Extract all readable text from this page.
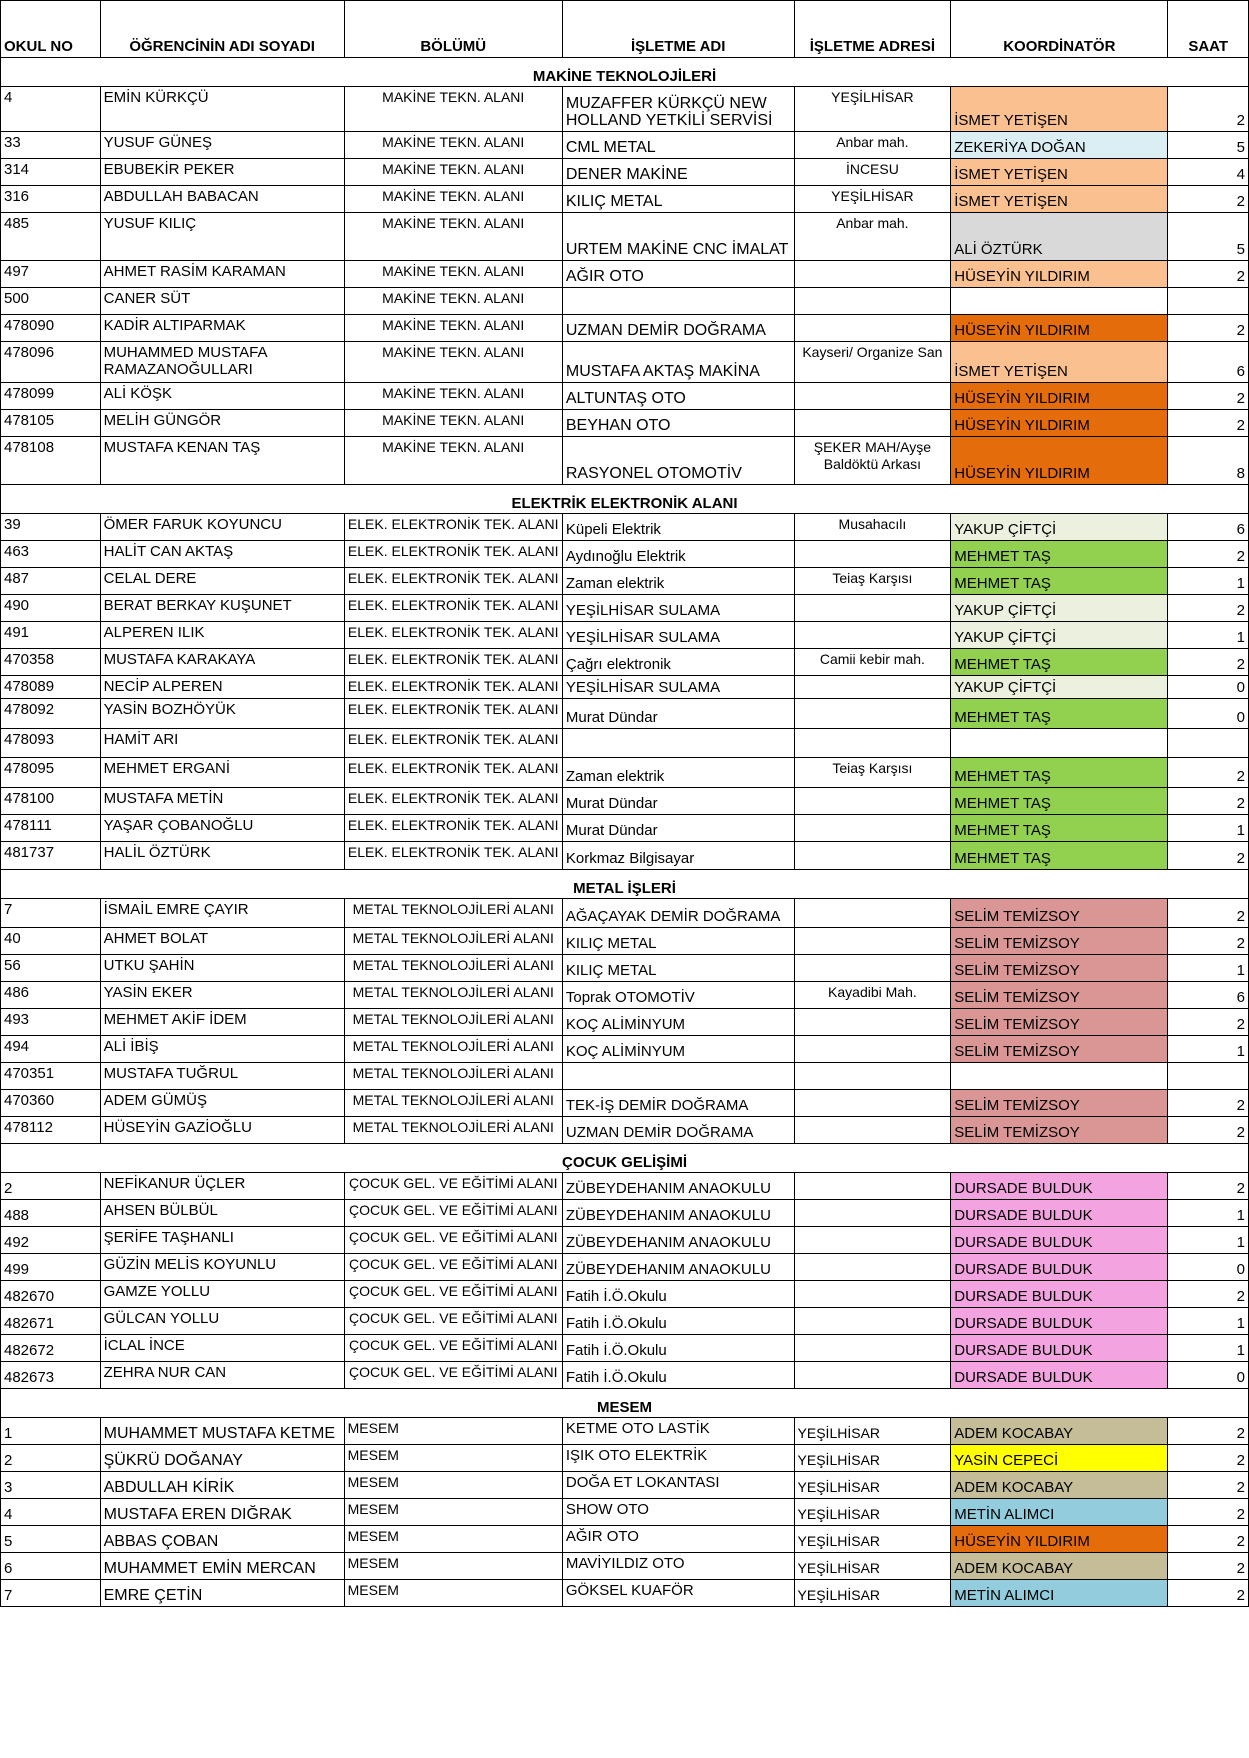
OKUL NO	ÖĞRENCİNİN ADI SOYADI	BÖLÜMÜ	İŞLETME ADI	İŞLETME ADRESİ	KOORDİNATÖR	SAAT
MAKİNE TEKNOLOJİLERİ						
4	EMİN KÜRKÇÜ	MAKİNE TEKN. ALANI	MUZAFFER KÜRKÇÜ NEW HOLLAND YETKİLİ SERVİSİ	YEŞİLHİSAR	İSMET YETİŞEN	2
33	YUSUF GÜNEŞ	MAKİNE TEKN. ALANI	CML METAL	Anbar mah.	ZEKERİYA DOĞAN	5
314	EBUBEKİR PEKER	MAKİNE TEKN. ALANI	DENER MAKİNE	İNCESU	İSMET YETİŞEN	4
316	ABDULLAH BABACAN	MAKİNE TEKN. ALANI	KILIÇ METAL	YEŞİLHİSAR	İSMET YETİŞEN	2
485	YUSUF KILIÇ	MAKİNE TEKN. ALANI	URTEM MAKİNE CNC İMALAT	Anbar mah.	ALİ ÖZTÜRK	5
497	AHMET RASİM KARAMAN	MAKİNE TEKN. ALANI	AĞIR OTO		HÜSEYİN YILDIRIM	2
500	CANER SÜT	MAKİNE TEKN. ALANI				
478090	KADİR ALTIPARMAK	MAKİNE TEKN. ALANI	UZMAN DEMİR DOĞRAMA		HÜSEYİN YILDIRIM	2
478096	MUHAMMED MUSTAFA RAMAZANOĞULLARI	MAKİNE TEKN. ALANI	MUSTAFA AKTAŞ MAKİNA	Kayseri/ Organize San	İSMET YETİŞEN	6
478099	ALİ KÖŞK	MAKİNE TEKN. ALANI	ALTUNTAŞ OTO		HÜSEYİN YILDIRIM	2
478105	MELİH GÜNGÖR	MAKİNE TEKN. ALANI	BEYHAN OTO		HÜSEYİN YILDIRIM	2
478108	MUSTAFA KENAN TAŞ	MAKİNE TEKN. ALANI	RASYONEL OTOMOTİV	ŞEKER MAH/Ayşe Baldöktü Arkası	HÜSEYİN YILDIRIM	8
ELEKTRİK ELEKTRONİK ALANI						
39	ÖMER FARUK KOYUNCU	ELEK. ELEKTRONİK TEK. ALANI	Küpeli Elektrik	Musahacılı	YAKUP ÇİFTÇİ	6
463	HALİT CAN AKTAŞ	ELEK. ELEKTRONİK TEK. ALANI	Aydınoğlu Elektrik		MEHMET TAŞ	2
487	CELAL DERE	ELEK. ELEKTRONİK TEK. ALANI	Zaman elektrik	Teiaş Karşısı	MEHMET TAŞ	1
490	BERAT BERKAY KUŞUNET	ELEK. ELEKTRONİK TEK. ALANI	YEŞİLHİSAR SULAMA		YAKUP ÇİFTÇİ	2
491	ALPEREN ILIK	ELEK. ELEKTRONİK TEK. ALANI	YEŞİLHİSAR SULAMA		YAKUP ÇİFTÇİ	1
470358	MUSTAFA KARAKAYA	ELEK. ELEKTRONİK TEK. ALANI	Çağrı elektronik	Camii kebir mah.	MEHMET TAŞ	2
478089	NECİP ALPEREN	ELEK. ELEKTRONİK TEK. ALANI	YEŞİLHİSAR SULAMA		YAKUP ÇİFTÇİ	0
478092	YASİN BOZHÖYÜK	ELEK. ELEKTRONİK TEK. ALANI	Murat Dündar		MEHMET TAŞ	0
478093	HAMİT ARI	ELEK. ELEKTRONİK TEK. ALANI				
478095	MEHMET ERGANİ	ELEK. ELEKTRONİK TEK. ALANI	Zaman elektrik	Teiaş Karşısı	MEHMET TAŞ	2
478100	MUSTAFA METİN	ELEK. ELEKTRONİK TEK. ALANI	Murat Dündar		MEHMET TAŞ	2
478111	YAŞAR ÇOBANOĞLU	ELEK. ELEKTRONİK TEK. ALANI	Murat Dündar		MEHMET TAŞ	1
481737	HALİL ÖZTÜRK	ELEK. ELEKTRONİK TEK. ALANI	Korkmaz Bilgisayar		MEHMET TAŞ	2
METAL İŞLERİ						
7	İSMAİL EMRE ÇAYIR	METAL TEKNOLOJİLERİ ALANI	AĞAÇAYAK DEMİR DOĞRAMA		SELİM TEMİZSOY	2
40	AHMET BOLAT	METAL TEKNOLOJİLERİ ALANI	KILIÇ METAL		SELİM TEMİZSOY	2
56	UTKU ŞAHİN	METAL TEKNOLOJİLERİ ALANI	KILIÇ METAL		SELİM TEMİZSOY	1
486	YASİN EKER	METAL TEKNOLOJİLERİ ALANI	Toprak OTOMOTİV	Kayadibi Mah.	SELİM TEMİZSOY	6
493	MEHMET AKİF İDEM	METAL TEKNOLOJİLERİ ALANI	KOÇ ALİMİNYUM		SELİM TEMİZSOY	2
494	ALİ İBİŞ	METAL TEKNOLOJİLERİ ALANI	KOÇ ALİMİNYUM		SELİM TEMİZSOY	1
470351	MUSTAFA TUĞRUL	METAL TEKNOLOJİLERİ ALANI				
470360	ADEM GÜMÜŞ	METAL TEKNOLOJİLERİ ALANI	TEK-İŞ DEMİR DOĞRAMA		SELİM TEMİZSOY	2
478112	HÜSEYİN GAZİOĞLU	METAL TEKNOLOJİLERİ ALANI	UZMAN DEMİR DOĞRAMA		SELİM TEMİZSOY	2
ÇOCUK GELİŞİMİ						
2	NEFİKANUR ÜÇLER	ÇOCUK GEL. VE EĞİTİMİ ALANI	ZÜBEYDEHANIM ANAOKULU		DURSADE BULDUK	2
488	AHSEN BÜLBÜL	ÇOCUK GEL. VE EĞİTİMİ ALANI	ZÜBEYDEHANIM ANAOKULU		DURSADE BULDUK	1
492	ŞERİFE TAŞHANLI	ÇOCUK GEL. VE EĞİTİMİ ALANI	ZÜBEYDEHANIM ANAOKULU		DURSADE BULDUK	1
499	GÜZİN MELİS KOYUNLU	ÇOCUK GEL. VE EĞİTİMİ ALANI	ZÜBEYDEHANIM ANAOKULU		DURSADE BULDUK	0
482670	GAMZE YOLLU	ÇOCUK GEL. VE EĞİTİMİ ALANI	Fatih İ.Ö.Okulu		DURSADE BULDUK	2
482671	GÜLCAN YOLLU	ÇOCUK GEL. VE EĞİTİMİ ALANI	Fatih İ.Ö.Okulu		DURSADE BULDUK	1
482672	İCLAL İNCE	ÇOCUK GEL. VE EĞİTİMİ ALANI	Fatih İ.Ö.Okulu		DURSADE BULDUK	1
482673	ZEHRA NUR CAN	ÇOCUK GEL. VE EĞİTİMİ ALANI	Fatih İ.Ö.Okulu		DURSADE BULDUK	0
MESEM						
1	MUHAMMET MUSTAFA KETME	MESEM	KETME OTO LASTİK	YEŞİLHİSAR	ADEM KOCABAY	2
2	ŞÜKRÜ DOĞANAY	MESEM	IŞIK OTO ELEKTRİK	YEŞİLHİSAR	YASİN CEPECİ	2
3	ABDULLAH KİRİK	MESEM	DOĞA ET LOKANTASI	YEŞİLHİSAR	ADEM KOCABAY	2
4	MUSTAFA EREN DIĞRAK	MESEM	SHOW OTO	YEŞİLHİSAR	METİN ALIMCI	2
5	ABBAS ÇOBAN	MESEM	AĞIR OTO	YEŞİLHİSAR	HÜSEYİN YILDIRIM	2
6	MUHAMMET EMİN MERCAN	MESEM	MAVİYILDIZ OTO	YEŞİLHİSAR	ADEM KOCABAY	2
7	EMRE ÇETİN	MESEM	GÖKSEL KUAFÖR	YEŞİLHİSAR	METİN ALIMCI	2
